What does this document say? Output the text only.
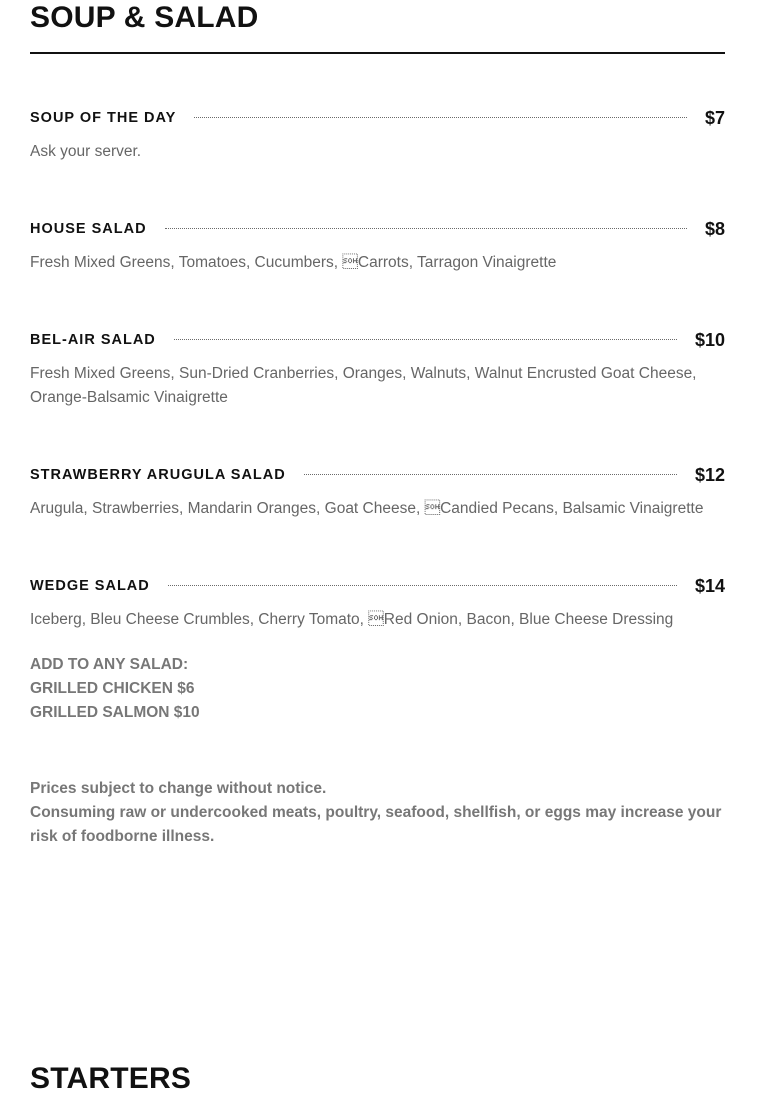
SOUP & SALAD
SOUP OF THE DAY	$7

Ask your server.

HOUSE SALAD	$8

Fresh Mixed Greens, Tomatoes, Cucumbers, Carrots, Tarragon Vinaigrette

BEL-AIR SALAD	$10

Fresh Mixed Greens, Sun-Dried Cranberries, Oranges, Walnuts, Walnut Encrusted Goat Cheese, Orange-Balsamic Vinaigrette

STRAWBERRY ARUGULA SALAD	$12

Arugula, Strawberries, Mandarin Oranges, Goat Cheese, Candied Pecans, Balsamic Vinaigrette

WEDGE SALAD	$14

Iceberg, Bleu Cheese Crumbles, Cherry Tomato, Red Onion, Bacon, Blue Cheese Dressing

ADD TO ANY SALAD:
GRILLED CHICKEN $6
GRILLED SALMON $10
Prices subject to change without notice.
Consuming raw or undercooked meats, poultry, seafood, shellfish, or eggs may increase your risk of foodborne illness.
STARTERS
